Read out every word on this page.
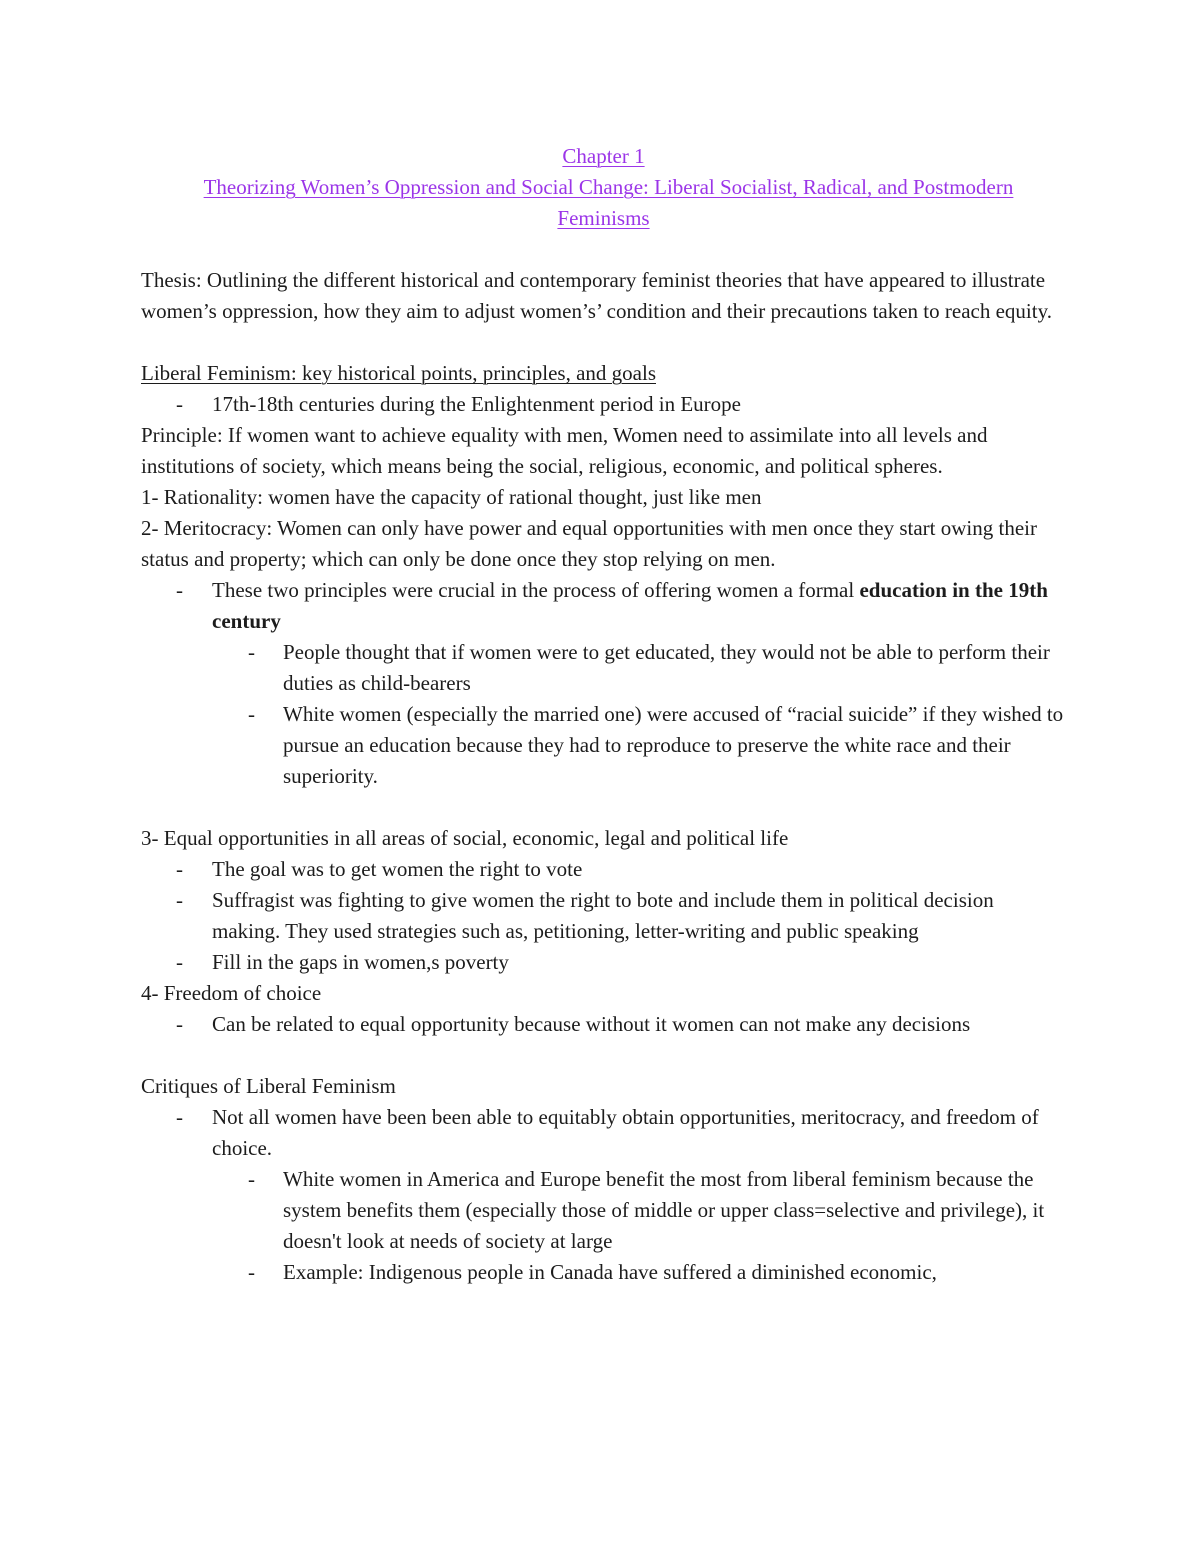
Chapter 1
Theorizing Women’s Oppression and Social Change: Liberal Socialist, Radical, and Postmodern
Feminisms
Thesis: Outlining the different historical and contemporary feminist theories that have appeared to illustrate women’s oppression, how they aim to adjust women’s’ condition and their precautions taken to reach equity.
Liberal Feminism: key historical points, principles, and goals
-	17th-18th centuries during the Enlightenment period in Europe
Principle: If women want to achieve equality with men, Women need to assimilate into all levels and institutions of society, which means being the social, religious, economic, and political spheres.
1- Rationality: women have the capacity of rational thought, just like men
2- Meritocracy: Women can only have power and equal opportunities with men once they start owing their status and property; which can only be done once they stop relying on men.
-	These two principles were crucial in the process of offering women a formal education in the 19th century
-	People thought that if women were to get educated, they would not be able to perform their duties as child-bearers
-	White women (especially the married one) were accused of “racial suicide” if they wished to pursue an education because they had to reproduce to preserve the white race and their superiority.
3- Equal opportunities in all areas of social, economic, legal and political life
-	The goal was to get women the right to vote
-	Suffragist was fighting to give women the right to bote and include them in political decision making. They used strategies such as, petitioning, letter-writing and public speaking
-	Fill in the gaps in women,s poverty
4- Freedom of choice
-	Can be related to equal opportunity because without it women can not make any decisions
Critiques of Liberal Feminism
-	Not all women have been been able to equitably obtain opportunities, meritocracy, and freedom of choice.
-	White women in America and Europe benefit the most from liberal feminism because the system benefits them (especially those of middle or upper class=selective and privilege), it doesn't look at needs of society at large
-	Example: Indigenous people in Canada have suffered a diminished economic,
